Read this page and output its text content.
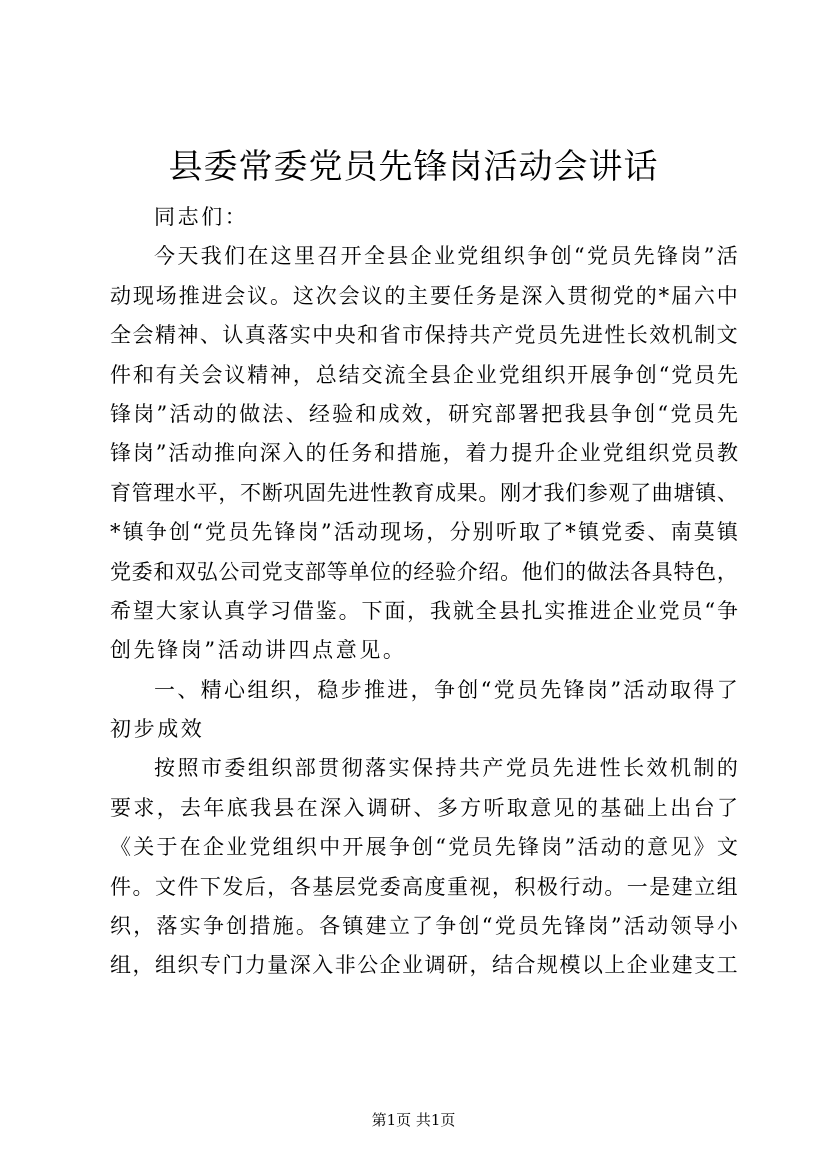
县委常委党员先锋岗活动会讲话
同志们：
今 天 我 们 在 这 里 召 开 全 县 企 业 党 组 织 争 创 “ 党 员 先 锋 岗 ” 活
动 现 场 推 进 会 议 。 这 次 会 议 的 主 要 任 务 是 深 入 贯 彻 党 的 * 届 六 中
全 会 精 神 、 认 真 落 实 中 央 和 省 市 保 持 共 产 党 员 先 进 性 长 效 机 制 文
件 和 有 关 会 议 精 神 ， 总 结 交 流 全 县 企 业 党 组 织 开 展 争 创 “ 党 员 先
锋 岗 ” 活 动 的 做 法 、 经 验 和 成 效 ， 研 究 部 署 把 我 县 争 创 “ 党 员 先
锋 岗 ” 活 动 推 向 深 入 的 任 务 和 措 施 ， 着 力 提 升 企 业 党 组 织 党 员 教
育 管 理 水 平 ， 不 断 巩 固 先 进 性 教 育 成 果 。 刚 才 我 们 参 观 了 曲 塘 镇 、
* 镇 争 创 “ 党 员 先 锋 岗 ” 活 动 现 场 ， 分 别 听 取 了 * 镇 党 委 、 南 莫 镇
党 委 和 双 弘 公 司 党 支 部 等 单 位 的 经 验 介 绍 。 他 们 的 做 法 各 具 特 色 ，
希 望 大 家 认 真 学 习 借 鉴 。 下 面 ， 我 就 全 县 扎 实 推 进 企 业 党 员 “ 争
创先锋岗”活动讲四点意见。
一 、 精 心 组 织 ， 稳 步 推 进 ， 争 创 “ 党 员 先 锋 岗 ” 活 动 取 得 了
初步成效
按 照 市 委 组 织 部 贯 彻 落 实 保 持 共 产 党 员 先 进 性 长 效 机 制 的
要 求 ， 去 年 底 我 县 在 深 入 调 研 、 多 方 听 取 意 见 的 基 础 上 出 台 了
《 关 于 在 企 业 党 组 织 中 开 展 争 创 “ 党 员 先 锋 岗 ” 活 动 的 意 见 》 文
件 。 文 件 下 发 后 ， 各 基 层 党 委 高 度 重 视 ， 积 极 行 动 。 一 是 建 立 组
织 ， 落 实 争 创 措 施 。 各 镇 建 立 了 争 创 “ 党 员 先 锋 岗 ” 活 动 领 导 小
组 ， 组 织 专 门 力 量 深 入 非 公 企 业 调 研 ， 结 合 规 模 以 上 企 业 建 支 工
第1页 共1页
